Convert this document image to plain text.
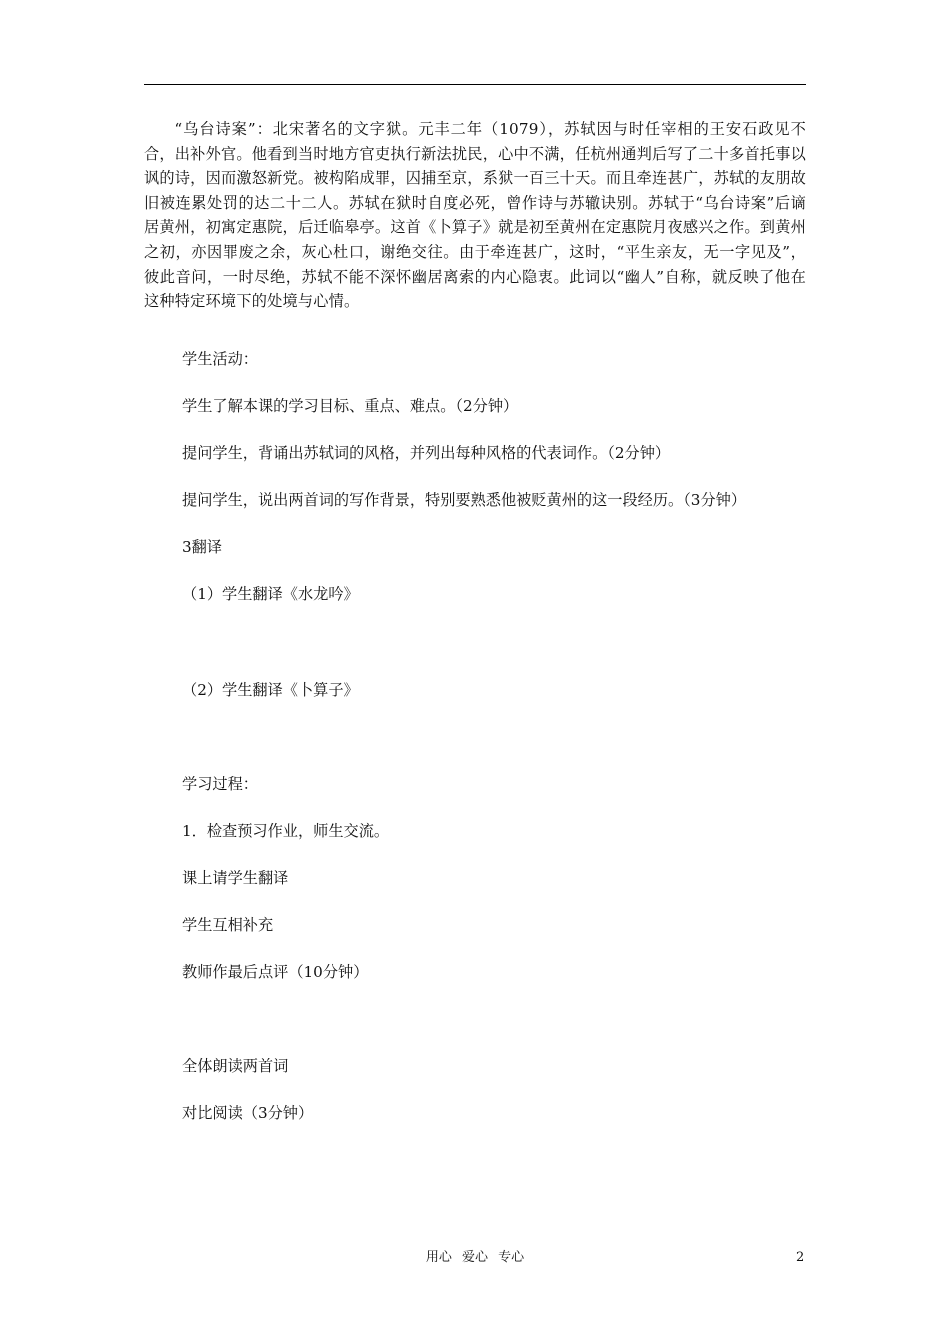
“乌台诗案”：北宋著名的文字狱。元丰二年（1079），苏轼因与时任宰相的王安石政见不合，出补外官。他看到当时地方官吏执行新法扰民，心中不满，任杭州通判后写了二十多首托事以讽的诗，因而激怒新党。被构陷成罪，囚捕至京，系狱一百三十天。而且牵连甚广，苏轼的友朋故旧被连累处罚的达二十二人。苏轼在狱时自度必死，曾作诗与苏辙诀别。苏轼于“乌台诗案”后谪居黄州，初寓定惠院，后迁临皋亭。这首《卜算子》就是初至黄州在定惠院月夜感兴之作。到黄州之初，亦因罪废之余，灰心杜口，谢绝交往。由于牵连甚广，这时，“平生亲友，无一字见及”，彼此音问，一时尽绝，苏轼不能不深怀幽居离索的内心隐衷。此词以“幽人”自称，就反映了他在这种特定环境下的处境与心情。

学生活动：

学生了解本课的学习目标、重点、难点。（2分钟）

提问学生，背诵出苏轼词的风格，并列出每种风格的代表词作。（2分钟）

提问学生，说出两首词的写作背景，特别要熟悉他被贬黄州的这一段经历。（3分钟）

3翻译

（1）学生翻译《水龙吟》

（2）学生翻译《卜算子》

学习过程：

1．检查预习作业，师生交流。

课上请学生翻译

学生互相补充

教师作最后点评（10分钟）

全体朗读两首词

对比阅读（3分钟）

用心 爱心 专心	2
